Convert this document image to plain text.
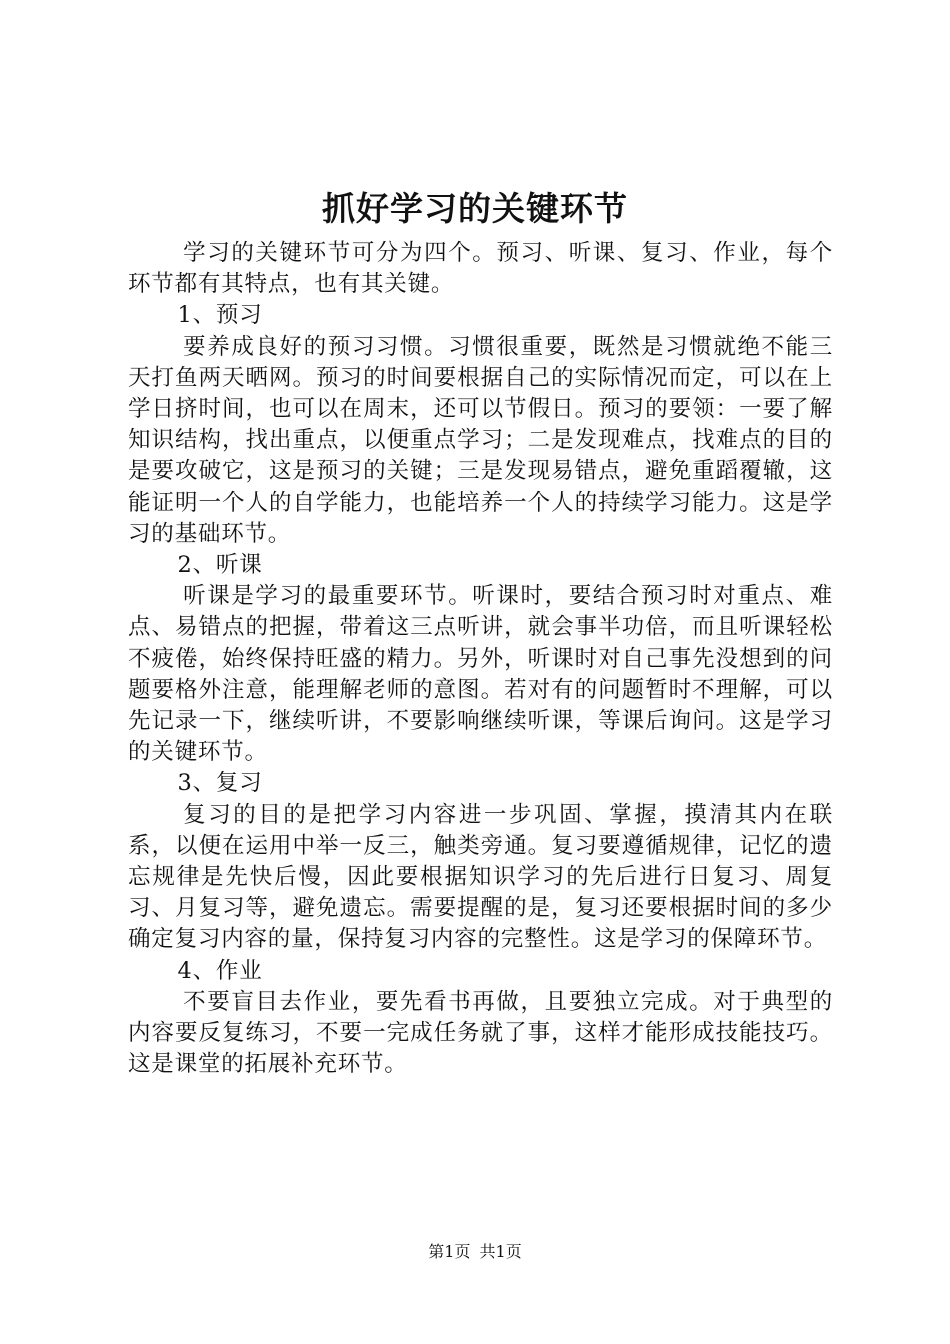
抓好学习的关键环节

学习的关键环节可分为四个。预习、听课、复习、作业，每个环节都有其特点，也有其关键。

1、预习

要养成良好的预习习惯。习惯很重要，既然是习惯就绝不能三天打鱼两天晒网。预习的时间要根据自己的实际情况而定，可以在上学日挤时间，也可以在周末，还可以节假日。预习的要领：一要了解知识结构，找出重点，以便重点学习；二是发现难点，找难点的目的是要攻破它，这是预习的关键；三是发现易错点，避免重蹈覆辙，这能证明一个人的自学能力，也能培养一个人的持续学习能力。这是学习的基础环节。

2、听课

听课是学习的最重要环节。听课时，要结合预习时对重点、难点、易错点的把握，带着这三点听讲，就会事半功倍，而且听课轻松不疲倦，始终保持旺盛的精力。另外，听课时对自己事先没想到的问题要格外注意，能理解老师的意图。若对有的问题暂时不理解，可以先记录一下，继续听讲，不要影响继续听课，等课后询问。这是学习的关键环节。

3、复习

复习的目的是把学习内容进一步巩固、掌握，摸清其内在联系，以便在运用中举一反三，触类旁通。复习要遵循规律，记忆的遗忘规律是先快后慢，因此要根据知识学习的先后进行日复习、周复习、月复习等，避免遗忘。需要提醒的是，复习还要根据时间的多少确定复习内容的量，保持复习内容的完整性。这是学习的保障环节。

4、作业

不要盲目去作业，要先看书再做，且要独立完成。对于典型的内容要反复练习，不要一完成任务就了事，这样才能形成技能技巧。这是课堂的拓展补充环节。

第1页 共1页
